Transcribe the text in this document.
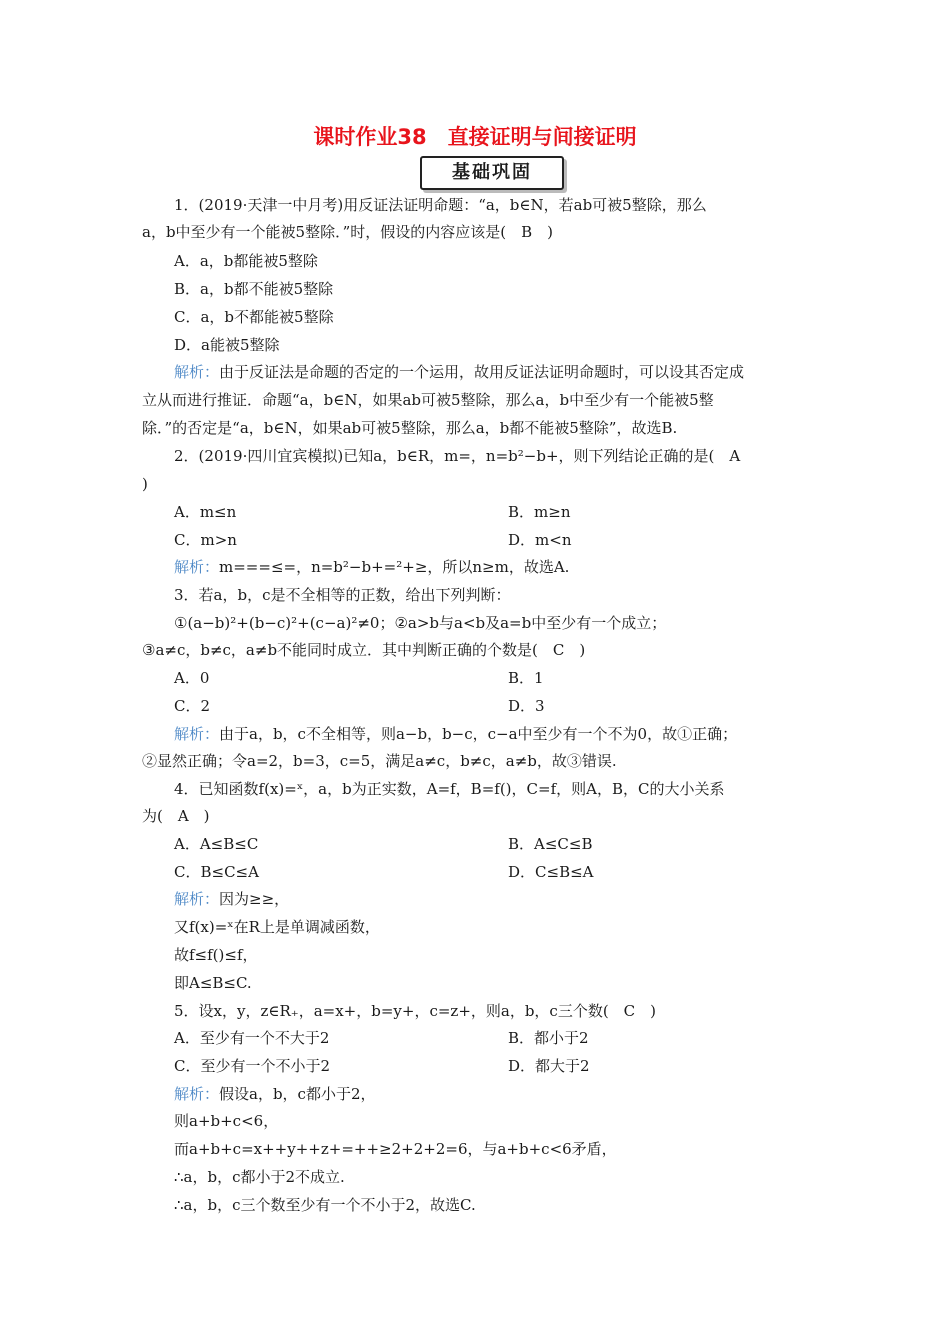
课时作业38　直接证明与间接证明
基础巩固
1．(2019·天津一中月考)用反证法证明命题：“a，b∈N，若ab可被5整除，那么
a，b中至少有一个能被5整除．”时，假设的内容应该是(　B　)
A．a，b都能被5整除
B．a，b都不能被5整除
C．a，b不都能被5整除
D．a能被5整除
解析：由于反证法是命题的否定的一个运用，故用反证法证明命题时，可以设其否定成
立从而进行推证．命题“a，b∈N，如果ab可被5整除，那么a，b中至少有一个能被5整
除．”的否定是“a，b∈N，如果ab可被5整除，那么a，b都不能被5整除”，故选B.
2．(2019·四川宜宾模拟)已知a，b∈R，m=，n=b²−b+，则下列结论正确的是(　A
)
A．m≤n	B．m≥n
C．m>n	D．m<n
解析：m===≤=，n=b²−b+=²+≥，所以n≥m，故选A.
3．若a，b，c是不全相等的正数，给出下列判断：
①(a−b)²+(b−c)²+(c−a)²≠0；②a>b与a<b及a=b中至少有一个成立；
③a≠c，b≠c，a≠b不能同时成立．其中判断正确的个数是(　C　)
A．0	B．1
C．2	D．3
解析：由于a，b，c不全相等，则a−b，b−c，c−a中至少有一个不为0，故①正确；
②显然正确；令a=2，b=3，c=5，满足a≠c，b≠c，a≠b，故③错误.
4．已知函数f(x)=ˣ，a，b为正实数，A=f，B=f()，C=f，则A，B，C的大小关系
为(　A　)
A．A≤B≤C	B．A≤C≤B
C．B≤C≤A	D．C≤B≤A
解析：因为≥≥，
又f(x)=ˣ在R上是单调减函数，
故f≤f()≤f，
即A≤B≤C.
5．设x，y，z∈R₊，a=x+，b=y+，c=z+，则a，b，c三个数(　C　)
A．至少有一个不大于2	B．都小于2
C．至少有一个不小于2	D．都大于2
解析：假设a，b，c都小于2，
则a+b+c<6，
而a+b+c=x++y++z+=++≥2+2+2=6，与a+b+c<6矛盾，
∴a，b，c都小于2不成立.
∴a，b，c三个数至少有一个不小于2，故选C.
